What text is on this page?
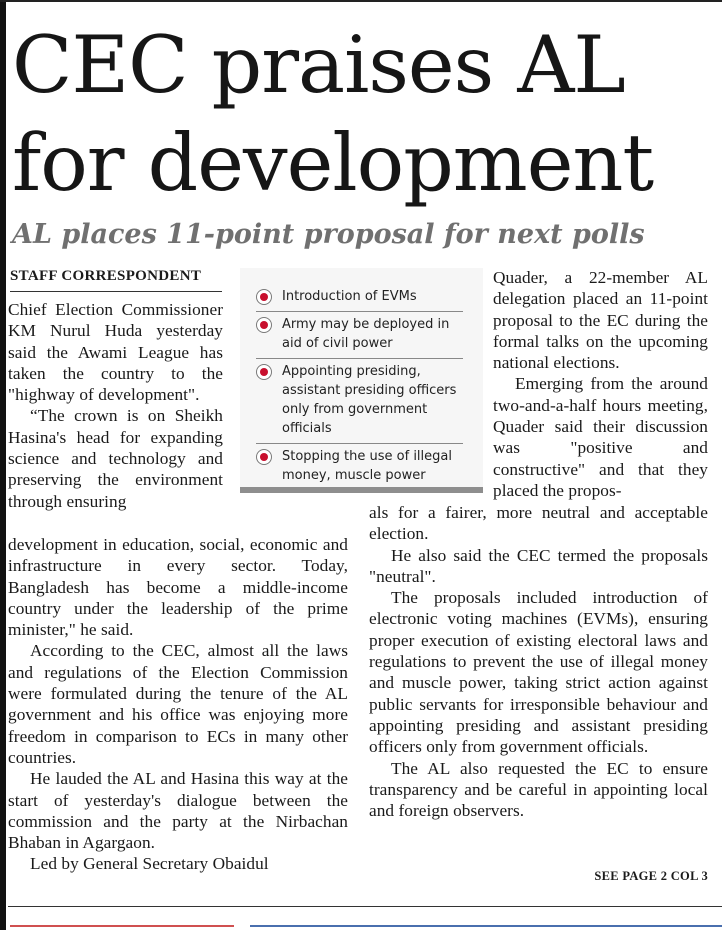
CEC praises AL for development
AL places 11-point proposal for next polls
STAFF CORRESPONDENT
Introduction of EVMs
Army may be deployed in aid of civil power
Appointing presiding, assistant presiding officers only from government officials
Stopping the use of illegal money, muscle power

Chief Election Commissioner KM Nurul Huda yesterday said the Awami League has taken the country to the "highway of development".

“The crown is on Sheikh Hasina's head for expanding science and technology and preserving the environment through ensuring

development in education, social, economic and infrastructure in every sector. Today, Bangladesh has become a middle-income country under the leadership of the prime minister," he said.

According to the CEC, almost all the laws and regulations of the Election Commission were formulated during the tenure of the AL government and his office was enjoying more freedom in comparison to ECs in many other countries.

He lauded the AL and Hasina this way at the start of yesterday's dialogue between the commission and the party at the Nirbachan Bhaban in Agargaon.

Led by General Secretary Obaidul

Quader, a 22-member AL delegation placed an 11-point proposal to the EC during the formal talks on the upcoming national elections.

Emerging from the around two-and-a-half hours meeting, Quader said their discussion was "positive and constructive" and that they placed the propos-

als for a fairer, more neutral and acceptable election.

He also said the CEC termed the proposals "neutral".

The proposals included introduction of electronic voting machines (EVMs), ensuring proper execution of existing electoral laws and regulations to prevent the use of illegal money and muscle power, taking strict action against public servants for irresponsible behaviour and appointing presiding and assistant presiding officers only from government officials.

The AL also requested the EC to ensure transparency and be careful in appointing local and foreign observers.

SEE PAGE 2 COL 3
